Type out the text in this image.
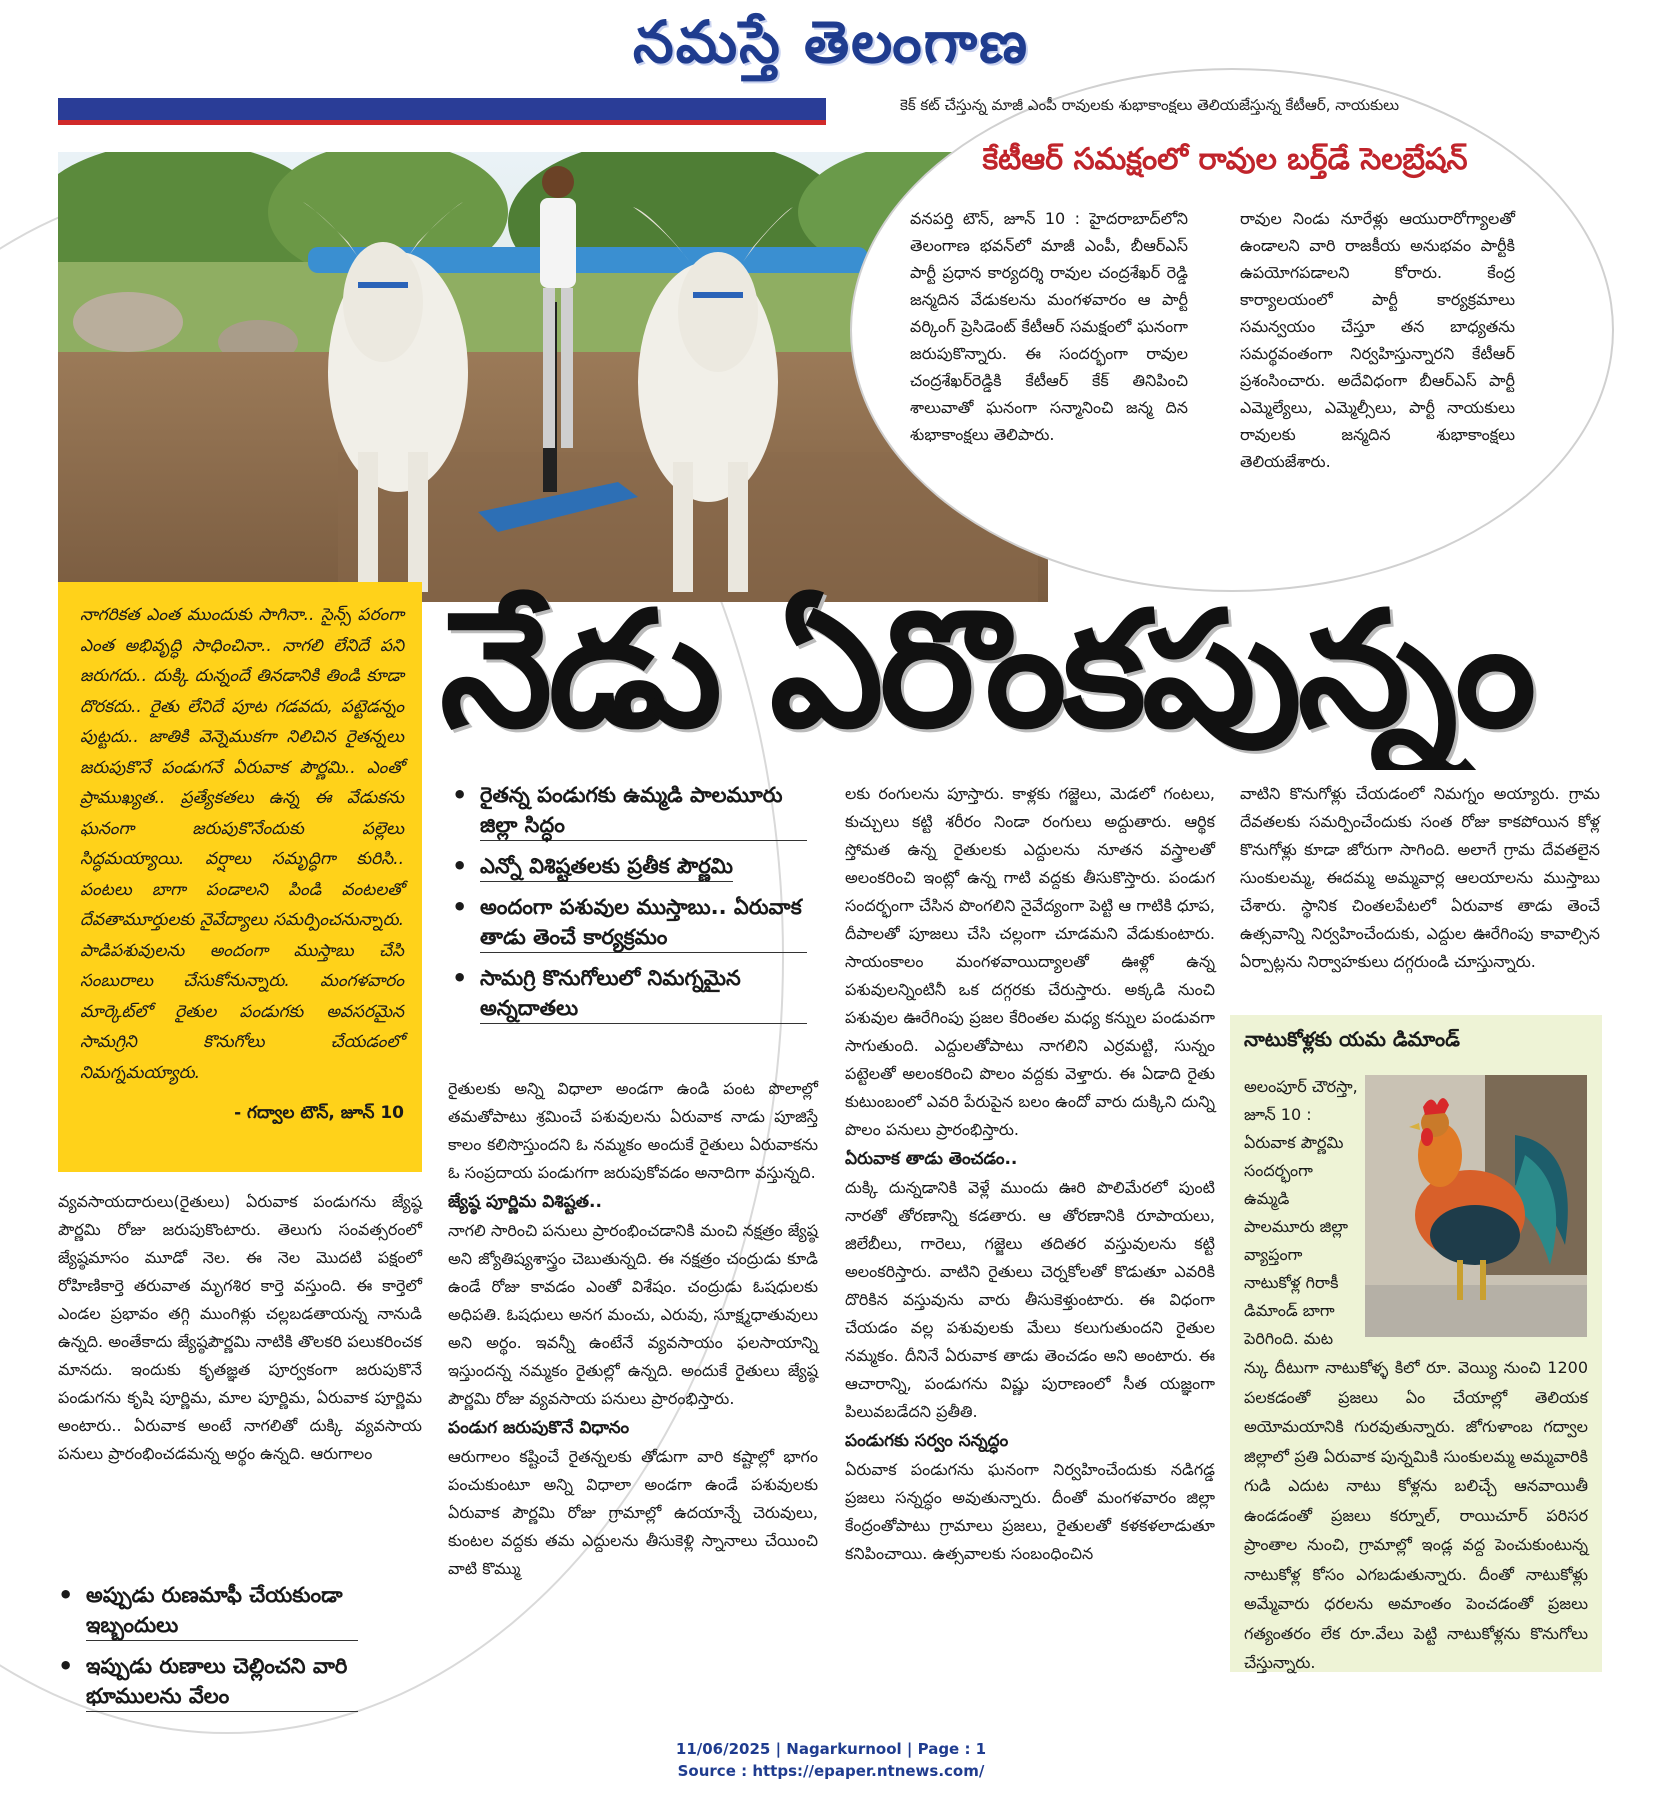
నమస్తే తెలంగాణ
కెక్ కట్ చేస్తున్న మాజీ ఎంపీ రావులకు శుభాకాంక్షలు తెలియజేస్తున్న కేటీఆర్, నాయకులు
కేటీఆర్ సమక్షంలో రావుల బర్త్‌డే సెలబ్రేషన్
వనపర్తి టౌన్, జూన్ 10 : హైదరాబాద్‌లోని తెలంగాణ భవన్‌లో మాజీ ఎంపీ, బీఆర్‌ఎస్ పార్టీ ప్రధాన కార్యదర్శి రావుల చంద్రశేఖర్ రెడ్డి జన్మదిన వేడుకలను మంగళవారం ఆ పార్టీ వర్కింగ్ ప్రెసిడెంట్ కేటీఆర్ సమక్షంలో ఘనంగా జరుపుకొన్నారు. ఈ సందర్భంగా రావుల చంద్రశేఖర్‌రెడ్డికి కేటీఆర్ కేక్ తినిపించి శాలువాతో ఘనంగా సన్మానించి జన్మ దిన శుభాకాంక్షలు తెలిపారు.
రావుల నిండు నూరేళ్లు ఆయురారోగ్యాలతో ఉండాలని వారి రాజకీయ అనుభవం పార్టీకి ఉపయోగపడాలని కోరారు. కేంద్ర కార్యాలయంలో పార్టీ కార్యక్రమాలు సమన్వయం చేస్తూ తన బాధ్యతను సమర్థవంతంగా నిర్వహిస్తున్నారని కేటీఆర్ ప్రశంసించారు. అదేవిధంగా బీఆర్‌ఎస్ పార్టీ ఎమ్మెల్యేలు, ఎమ్మెల్సీలు, పార్టీ నాయకులు రావులకు జన్మదిన శుభాకాంక్షలు తెలియజేశారు.

నాగరికత ఎంత ముందుకు సాగినా.. సైన్స్ పరంగా ఎంత అభివృద్ధి సాధించినా.. నాగలి లేనిదే పని జరుగదు.. దుక్కి దున్నందే తినడానికి తిండి కూడా దొరకదు.. రైతు లేనిదే పూట గడవదు, పట్టెడన్నం పుట్టదు.. జాతికి వెన్నెముకగా నిలిచిన రైతన్నలు జరుపుకొనే పండుగనే ఏరువాక పౌర్ణమి.. ఎంతో ప్రాముఖ్యత.. ప్రత్యేకతలు ఉన్న ఈ వేడుకను ఘనంగా జరుపుకొనేందుకు పల్లెలు సిద్ధమయ్యాయి. వర్షాలు సమృద్ధిగా కురిసి.. పంటలు బాగా పండాలని పిండి వంటలతో దేవతామూర్తులకు నైవేద్యాలు సమర్పించనున్నారు. పాడిపశువులను అందంగా ముస్తాబు చేసి సంబురాలు చేసుకోనున్నారు. మంగళవారం మార్కెట్‌లో రైతుల పండుగకు అవసరమైన సామగ్రిని కొనుగోలు చేయడంలో నిమగ్నమయ్యారు.

- గద్వాల టౌన్, జూన్ 10

నేడు ఏరొంకపున్నం
• రైతన్న పండుగకు ఉమ్మడి పాలమూరు జిల్లా సిద్ధం
• ఎన్నో విశిష్టతలకు ప్రతీక పౌర్ణమి
• అందంగా పశువుల ముస్తాబు.. ఏరువాక తాడు తెంచే కార్యక్రమం
• సామగ్రి కొనుగోలులో నిమగ్నమైన అన్నదాతలు
వ్యవసాయదారులు(రైతులు) ఏరువాక పండుగను జ్యేష్ఠ పౌర్ణమి రోజు జరుపుకొంటారు. తెలుగు సంవత్సరంలో జ్యేష్ఠమాసం మూడో నెల. ఈ నెల మొదటి పక్షంలో రోహిణికార్తె తరువాత మృగశిర కార్తె వస్తుంది. ఈ కార్తెలో ఎండల ప్రభావం తగ్గి ముంగిళ్లు చల్లబడతాయన్న నానుడి ఉన్నది. అంతేకాదు జ్యేష్ఠపౌర్ణమి నాటికి తొలకరి పలుకరించక మానదు. ఇందుకు కృతజ్ఞత పూర్వకంగా జరుపుకొనే పండుగను కృషి పూర్ణిమ, మాల పూర్ణిమ, ఏరువాక పూర్ణిమ అంటారు.. ఏరువాక అంటే నాగలితో దుక్కి వ్యవసాయ పనులు ప్రారంభించడమన్న అర్థం ఉన్నది. ఆరుగాలం
రైతులకు అన్ని విధాలా అండగా ఉండి పంట పొలాల్లో తమతోపాటు శ్రమించే పశువులను ఏరువాక నాడు పూజిస్తే కాలం కలిసొస్తుందని ఓ నమ్మకం అందుకే రైతులు ఏరువాకను ఓ సంప్రదాయ పండుగగా జరుపుకోవడం అనాదిగా వస్తున్నది.
జ్యేష్ఠ పూర్ణిమ విశిష్టత..
నాగలి సారించి పనులు ప్రారంభించడానికి మంచి నక్షత్రం జ్యేష్ఠ అని జ్యోతిష్యశాస్త్రం చెబుతున్నది. ఈ నక్షత్రం చంద్రుడు కూడి ఉండే రోజు కావడం ఎంతో విశేషం. చంద్రుడు ఓషధులకు అధిపతి. ఓషధులు అనగ మంచు, ఎరువు, సూక్ష్మధాతువులు అని అర్థం. ఇవన్నీ ఉంటేనే వ్యవసాయం ఫలసాయాన్ని ఇస్తుందన్న నమ్మకం రైతుల్లో ఉన్నది. అందుకే రైతులు జ్యేష్ఠ పౌర్ణమి రోజు వ్యవసాయ పనులు ప్రారంభిస్తారు.
పండుగ జరుపుకొనే విధానం
ఆరుగాలం కష్టించే రైతన్నలకు తోడుగా వారి కష్టాల్లో భాగం పంచుకుంటూ అన్ని విధాలా అండగా ఉండే పశువులకు ఏరువాక పౌర్ణమి రోజు గ్రామాల్లో ఉదయాన్నే చెరువులు, కుంటల వద్దకు తమ ఎద్దులను తీసుకెళ్లి స్నానాలు చేయించి వాటి కొమ్ము
లకు రంగులను పూస్తారు. కాళ్లకు గజ్జెలు, మెడలో గంటలు, కుచ్చులు కట్టి శరీరం నిండా రంగులు అద్దుతారు. ఆర్థిక స్తోమత ఉన్న రైతులకు ఎద్దులను నూతన వస్త్రాలతో అలంకరించి ఇంట్లో ఉన్న గాటి వద్దకు తీసుకొస్తారు. పండుగ సందర్భంగా చేసిన పొంగలిని నైవేద్యంగా పెట్టి ఆ గాటికి ధూప, దీపాలతో పూజలు చేసి చల్లంగా చూడమని వేడుకుంటారు. సాయంకాలం మంగళవాయిద్యాలతో ఊళ్లో ఉన్న పశువులన్నింటినీ ఒక దగ్గరకు చేరుస్తారు. అక్కడి నుంచి పశువుల ఊరేగింపు ప్రజల కేరింతల మధ్య కన్నుల పండువగా సాగుతుంది. ఎద్దులతోపాటు నాగలిని ఎర్రమట్టి, సున్నం పట్టెలతో అలంకరించి పొలం వద్దకు వెళ్తారు. ఈ ఏడాది రైతు కుటుంబంలో ఎవరి పేరుపైన బలం ఉందో వారు దుక్కిని దున్ని పొలం పనులు ప్రారంభిస్తారు.
ఏరువాక తాడు తెంచడం..
దుక్కి దున్నడానికి వెళ్లే ముందు ఊరి పొలిమేరలో పుంటి నారతో తోరణాన్ని కడతారు. ఆ తోరణానికి రూపాయలు, జిలేబీలు, గారెలు, గజ్జెలు తదితర వస్తువులను కట్టి అలంకరిస్తారు. వాటిని రైతులు చెర్నకోలతో కొడుతూ ఎవరికి దొరికిన వస్తువును వారు తీసుకెళ్తుంటారు. ఈ విధంగా చేయడం వల్ల పశువులకు మేలు కలుగుతుందని రైతుల నమ్మకం. దీనినే ఏరువాక తాడు తెంచడం అని అంటారు. ఈ ఆచారాన్ని, పండుగను విష్ణు పురాణంలో సీత యజ్ఞంగా పిలువబడేదని ప్రతీతి.
పండుగకు సర్వం సన్నద్ధం
ఏరువాక పండుగను ఘనంగా నిర్వహించేందుకు నడిగడ్డ ప్రజలు సన్నద్ధం అవుతున్నారు. దీంతో మంగళవారం జిల్లా కేంద్రంతోపాటు గ్రామాలు ప్రజలు, రైతులతో కళకళలాడుతూ కనిపించాయి. ఉత్సవాలకు సంబంధించిన
వాటిని కొనుగోళ్లు చేయడంలో నిమగ్నం అయ్యారు. గ్రామ దేవతలకు సమర్పించేందుకు సంత రోజు కాకపోయిన కోళ్ల కొనుగోళ్లు కూడా జోరుగా సాగింది. అలాగే గ్రామ దేవతలైన సుంకులమ్మ, ఈదమ్మ అమ్మవార్ల ఆలయాలను ముస్తాబు చేశారు. స్థానిక చింతలపేటలో ఏరువాక తాడు తెంచే ఉత్సవాన్ని నిర్వహించేందుకు, ఎద్దుల ఊరేగింపు కావాల్సిన ఏర్పాట్లను నిర్వాహకులు దగ్గరుండి చూస్తున్నారు.
నాటుకోళ్లకు యమ డిమాండ్
అలంపూర్ చౌరస్తా, జూన్ 10 : ఏరువాక పౌర్ణమి సందర్భంగా ఉమ్మడి పాలమూరు జిల్లా వ్యాప్తంగా నాటుకోళ్ల గిరాకీ డిమాండ్ బాగా పెరిగింది. మట
న్కు దీటుగా నాటుకోళ్ళ కిలో రూ. వెయ్యి నుంచి 1200 పలకడంతో ప్రజలు ఏం చేయాల్లో తెలియక అయోమయానికి గురవుతున్నారు. జోగుళాంబ గద్వాల జిల్లాలో ప్రతి ఏరువాక పున్నమికి సుంకులమ్మ అమ్మవారికి గుడి ఎదుట నాటు కోళ్లను బలిచ్చే ఆనవాయితీ ఉండడంతో ప్రజలు కర్నూల్, రాయిచూర్ పరిసర ప్రాంతాల నుంచి, గ్రామాల్లో ఇండ్ల వద్ద పెంచుకుంటున్న నాటుకోళ్ల కోసం ఎగబడుతున్నారు. దీంతో నాటుకోళ్లు అమ్మేవారు ధరలను అమాంతం పెంచడంతో ప్రజలు గత్యంతరం లేక రూ.వేలు పెట్టి నాటుకోళ్లను కొనుగోలు చేస్తున్నారు.
• అప్పుడు రుణమాఫీ చేయకుండా ఇబ్బందులు
• ఇప్పుడు రుణాలు చెల్లించని వారి భూములను వేలం
11/06/2025 | Nagarkurnool | Page : 1
Source : https://epaper.ntnews.com/
